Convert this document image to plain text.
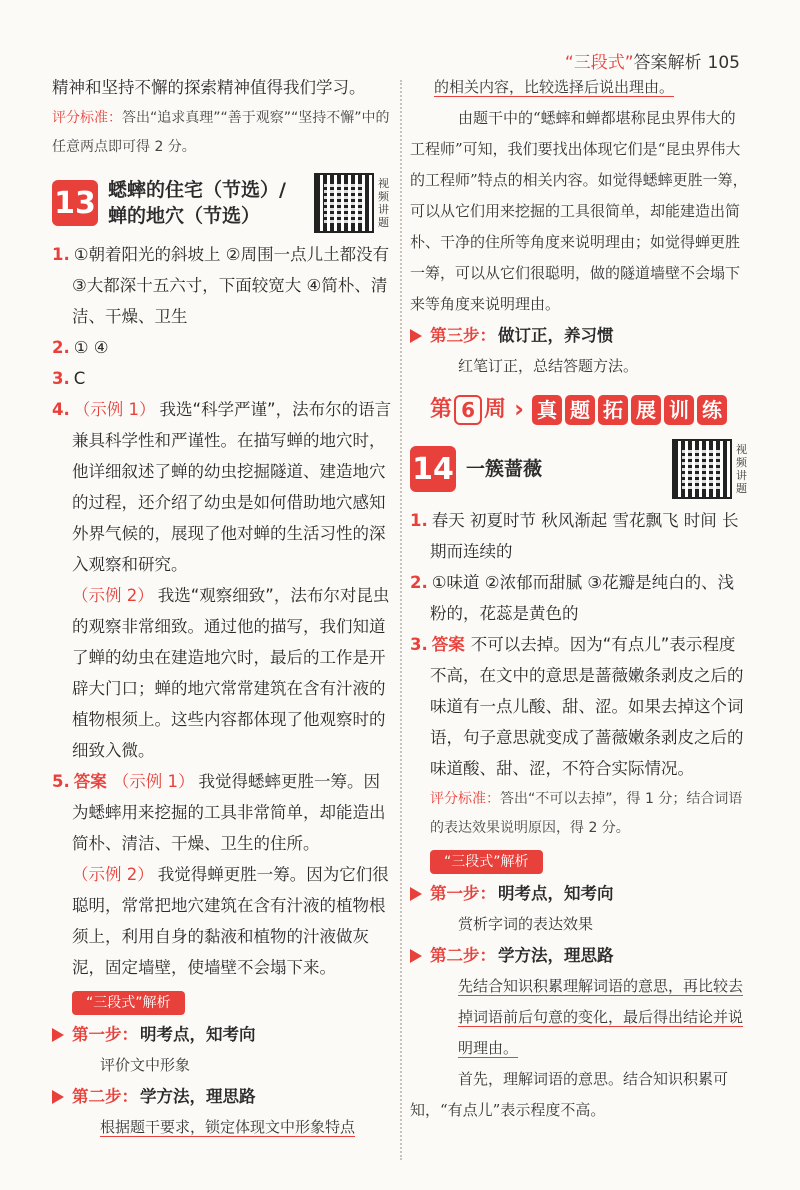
“三段式”答案解析 105

精神和坚持不懈的探索精神值得我们学习。

评分标准：答出“追求真理”“善于观察”“坚持不懈”中的任意两点即可得 2 分。

13 蟋蟀的住宅（节选）/
蝉的地穴（节选）
视频讲题

1. ①朝着阳光的斜坡上 ②周围一点儿土都没有 ③大都深十五六寸，下面较宽大 ④简朴、清洁、干燥、卫生

2. ① ④

3. C

4. （示例 1） 我选“科学严谨”，法布尔的语言兼具科学性和严谨性。在描写蝉的地穴时，他详细叙述了蝉的幼虫挖掘隧道、建造地穴的过程，还介绍了幼虫是如何借助地穴感知外界气候的，展现了他对蝉的生活习性的深入观察和研究。

（示例 2） 我选“观察细致”，法布尔对昆虫的观察非常细致。通过他的描写，我们知道了蝉的幼虫在建造地穴时，最后的工作是开辟大门口；蝉的地穴常常建筑在含有汁液的植物根须上。这些内容都体现了他观察时的细致入微。

5. 答案 （示例 1） 我觉得蟋蟀更胜一筹。因为蟋蟀用来挖掘的工具非常简单，却能造出简朴、清洁、干燥、卫生的住所。

（示例 2） 我觉得蝉更胜一筹。因为它们很聪明，常常把地穴建筑在含有汁液的植物根须上，利用自身的黏液和植物的汁液做灰泥，固定墙壁，使墙壁不会塌下来。

“三段式”解析
第一步： 明考点，知考向

评价文中形象

第二步： 学方法，理思路

根据题干要求，锁定体现文中形象特点

的相关内容，比较选择后说出理由。

由题干中的“蟋蟀和蝉都堪称昆虫界伟大的工程师”可知，我们要找出体现它们是“昆虫界伟大的工程师”特点的相关内容。如觉得蟋蟀更胜一筹，可以从它们用来挖掘的工具很简单，却能建造出简朴、干净的住所等角度来说明理由；如觉得蝉更胜一筹，可以从它们很聪明，做的隧道墙壁不会塌下来等角度来说明理由。

第三步： 做订正，养习惯

红笔订正，总结答题方法。

第 6 周 › 真 题 拓 展 训 练
14 一簇蔷薇
视频讲题

1. 春天 初夏时节 秋风渐起 雪花飘飞 时间 长期而连续的

2. ①味道 ②浓郁而甜腻 ③花瓣是纯白的、浅粉的，花蕊是黄色的

3. 答案 不可以去掉。因为“有点儿”表示程度不高，在文中的意思是蔷薇嫩条剥皮之后的味道有一点儿酸、甜、涩。如果去掉这个词语，句子意思就变成了蔷薇嫩条剥皮之后的味道酸、甜、涩，不符合实际情况。

评分标准：答出“不可以去掉”，得 1 分；结合词语的表达效果说明原因，得 2 分。

“三段式”解析
第一步： 明考点，知考向

赏析字词的表达效果

第二步： 学方法，理思路

先结合知识积累理解词语的意思，再比较去掉词语前后句意的变化，最后得出结论并说明理由。

首先，理解词语的意思。结合知识积累可知，“有点儿”表示程度不高。
